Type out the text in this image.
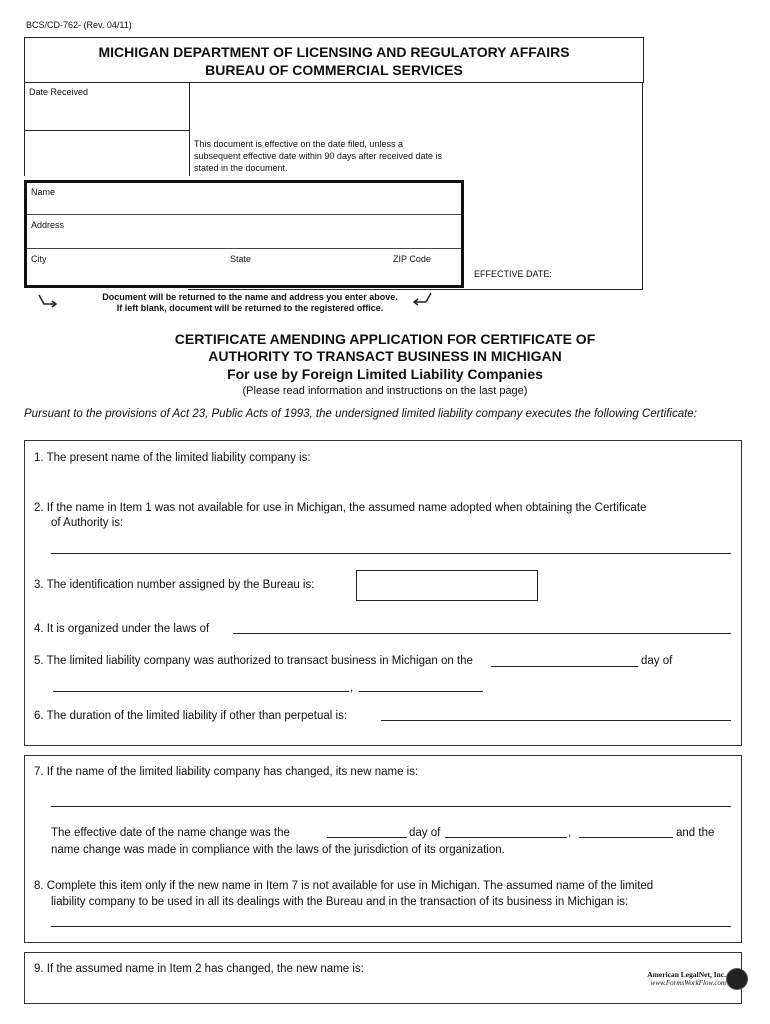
BCS/CD-762- (Rev. 04/11)
MICHIGAN DEPARTMENT OF LICENSING AND REGULATORY AFFAIRS
BUREAU OF COMMERCIAL SERVICES
Date Received
This document is effective on the date filed, unless a subsequent effective date within 90 days after received date is stated in the document.
Name
Address
City	State	ZIP Code
EFFECTIVE DATE:
Document will be returned to the name and address you enter above.
If left blank, document will be returned to the registered office.
CERTIFICATE AMENDING APPLICATION FOR CERTIFICATE OF
AUTHORITY TO TRANSACT BUSINESS IN MICHIGAN
For use by Foreign Limited Liability Companies
(Please read information and instructions on the last page)
Pursuant to the provisions of Act 23, Public Acts of 1993, the undersigned limited liability company executes the following Certificate:
1. The present name of the limited liability company is:
2. If the name in Item 1 was not available for use in Michigan, the assumed name adopted when obtaining the Certificate
of Authority is:
3. The identification number assigned by the Bureau is:
4. It is organized under the laws of
5. The limited liability company was authorized to transact business in Michigan on the	day of
,
6. The duration of the limited liability if other than perpetual is:
7. If the name of the limited liability company has changed, its new name is:
The effective date of the name change was the	day of	,	and the
name change was made in compliance with the laws of the jurisdiction of its organization.
8. Complete this item only if the new name in Item 7 is not available for use in Michigan. The assumed name of the limited
liability company to be used in all its dealings with the Bureau and in the transaction of its business in Michigan is:
9. If the assumed name in Item 2 has changed, the new name is:	American LegalNet, Inc.
www.FormsWorkFlow.com
